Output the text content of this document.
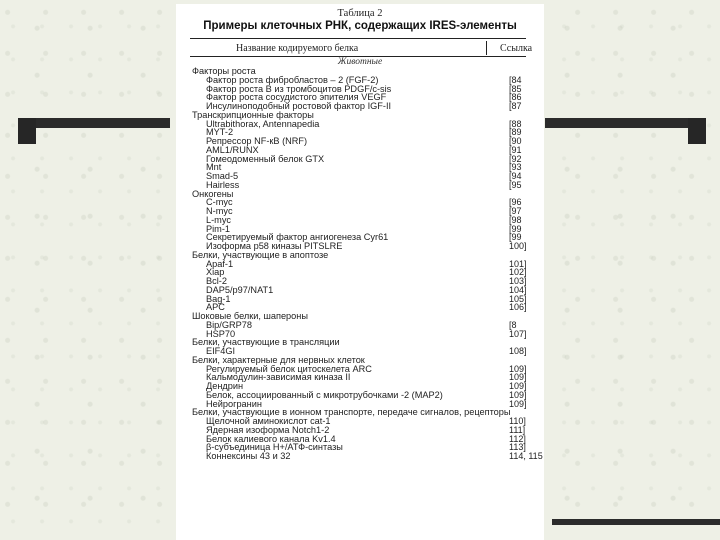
Таблица 2
Примеры клеточных РНК, содержащих IRES-элементы
Название кодируемого белка	Ссылка
Животные
Факторы роста
Фактор роста фибробластов – 2 (FGF-2)	[84
Фактор роста В из тромбоцитов PDGF/c-sis	[85
Фактор роста сосудистого эпителия VEGF	[86
Инсулиноподобный ростовой фактор IGF-II	[87
Транскрипционные факторы
Ultrabithorax, Antennapedia	[88
MYT-2	[89
Репрессор NF-кB (NRF)	[90
AML1/RUNX	[91
Гомеодоменный белок GTX	[92
Mnt	[93
Smad-5	[94
Hairless	[95
Онкогены
C-myc	[96
N-myc	[97
L-myc	[98
Pim-1	[99
Секретируемый фактор ангиогенеза Cyr61	[99
Изоформа p58 киназы PITSLRE	100]
Белки, участвующие в апоптозе
Apaf-1	101]
Xiap	102]
Bcl-2	103]
DAP5/p97/NAT1	104]
Bag-1	105]
APC	106]
Шоковые белки, шапероны
Bip/GRP78	[8
HSP70	107]
Белки, участвующие в трансляции
EIF4GI	108]
Белки, характерные для нервных клеток
Регулируемый белок цитоскелета ARC	109]
Кальмодулин-зависимая киназа II	109]
Дендрин	109]
Белок, ассоциированный с микротрубочками -2 (MAP2)	109]
Нейрогранин	109]
Белки, участвующие в ионном транспорте, передаче сигналов, рецепторы
Щелочной аминокислот cat-1	110]
Ядерная изоформа Notch1-2	111]
Белок калиевого канала Kv1.4	112]
β-субъединица Н+/АТФ-синтазы	113]
Коннексины 43 и 32	114, 115
